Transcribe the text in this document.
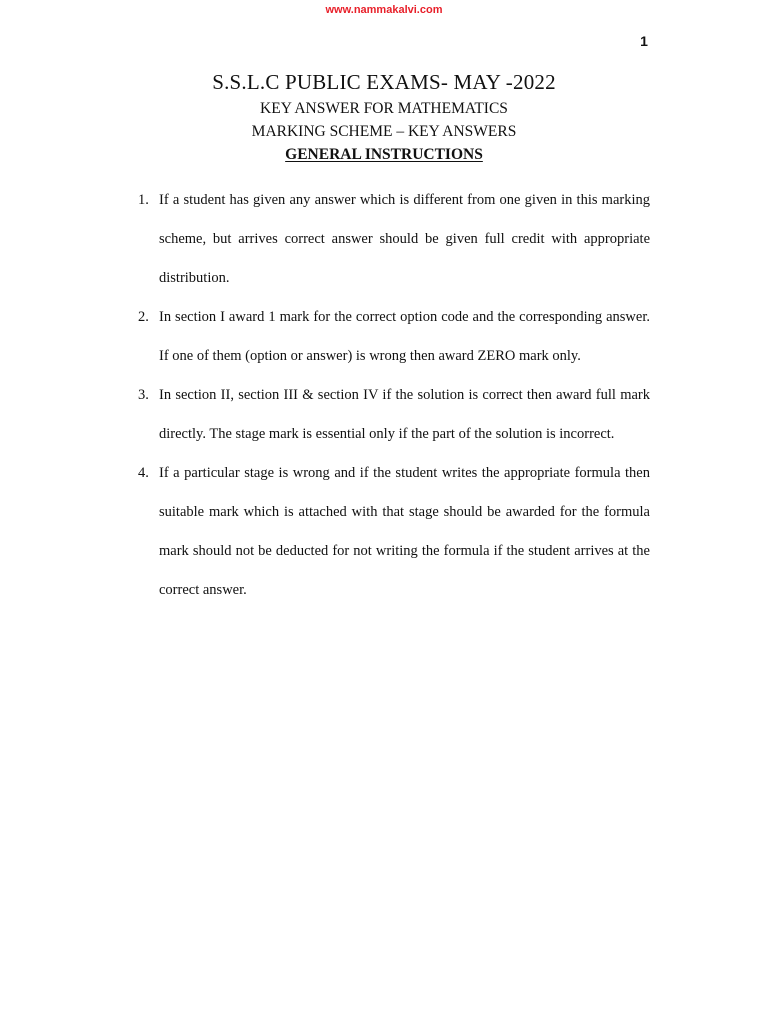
www.nammakalvi.com
1
S.S.L.C PUBLIC EXAMS- MAY -2022
KEY ANSWER FOR MATHEMATICS
MARKING SCHEME – KEY ANSWERS
GENERAL INSTRUCTIONS
1. If a student has given any answer which is different from one given in this marking scheme, but arrives correct answer should be given full credit with appropriate distribution.
2. In section I award 1 mark for the correct option code and the corresponding answer. If one of them (option or answer) is wrong then award ZERO mark only.
3. In section II, section III & section IV if the solution is correct then award full mark directly. The stage mark is essential only if the part of the solution is incorrect.
4. If a particular stage is wrong and if the student writes the appropriate formula then suitable mark which is attached with that stage should be awarded for the formula mark should not be deducted for not writing the formula if the student arrives at the correct answer.
